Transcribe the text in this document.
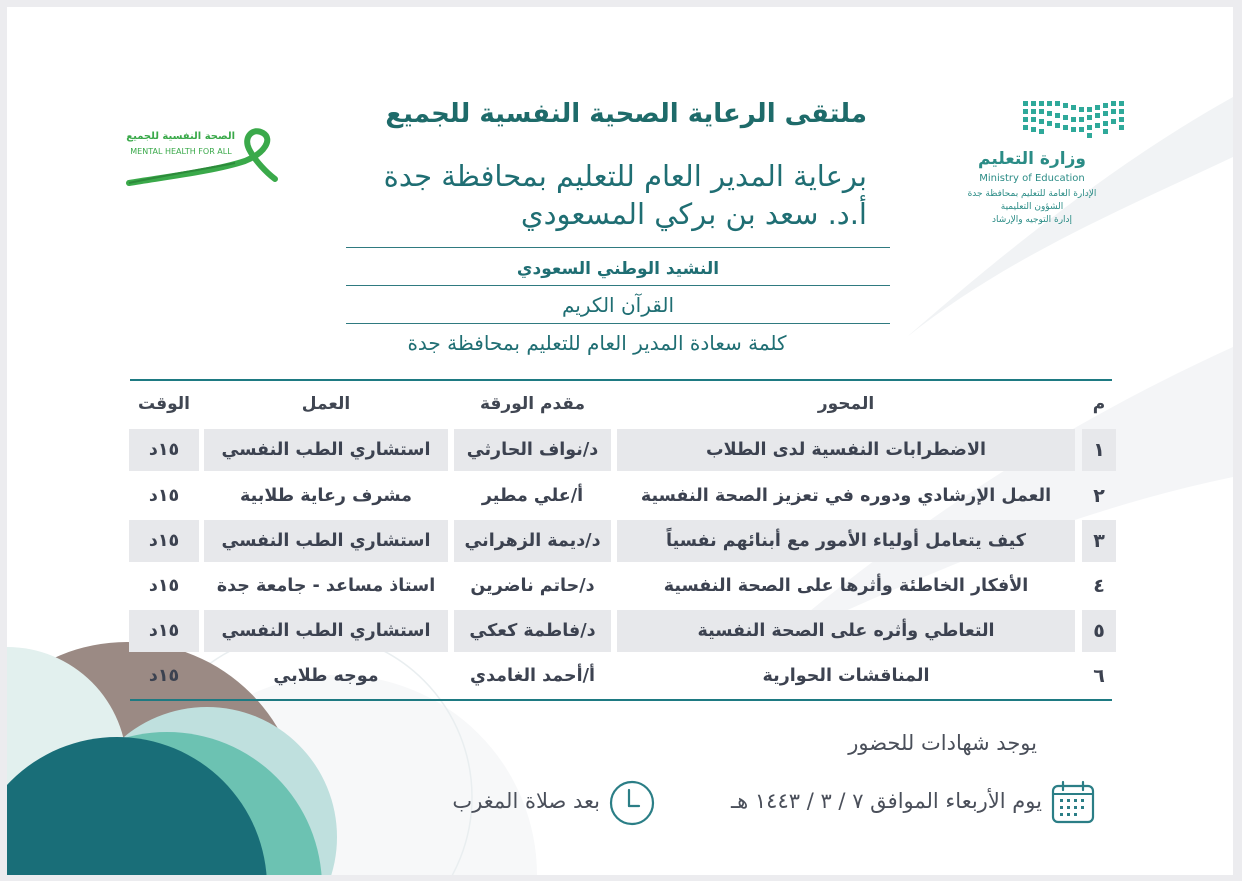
وزارة التعليم
Ministry of Education
الإدارة العامة للتعليم بمحافظة جدة
الشؤون التعليمية
إدارة التوجيه والإرشاد
الصحة النفسية للجميع
MENTAL HEALTH FOR ALL
ملتقى الرعاية الصحية النفسية للجميع
برعاية المدير العام للتعليم بمحافظة جدة
أ.د. سعد بن بركي المسعودي
النشيد الوطني السعودي
القرآن الكريم
كلمة سعادة المدير العام للتعليم بمحافظة جدة
م
المحور
مقدم الورقة
العمل
الوقت
١
الاضطرابات النفسية لدى الطلاب
د/نواف الحارثي
استشاري الطب النفسي
١٥د
٢
العمل الإرشادي ودوره في تعزيز الصحة النفسية
أ/علي مطير
مشرف رعاية طلابية
١٥د
٣
كيف يتعامل أولياء الأمور مع أبنائهم نفسياً
د/ديمة الزهراني
استشاري الطب النفسي
١٥د
٤
الأفكار الخاطئة وأثرها على الصحة النفسية
د/حاتم ناضرين
استاذ مساعد - جامعة جدة
١٥د
٥
التعاطي وأثره على الصحة النفسية
د/فاطمة كعكي
استشاري الطب النفسي
١٥د
٦
المناقشات الحوارية
أ/أحمد الغامدي
موجه طلابي
١٥د
يوجد شهادات للحضور
يوم الأربعاء الموافق ٧ / ٣ / ١٤٤٣ هـ
بعد صلاة المغرب
